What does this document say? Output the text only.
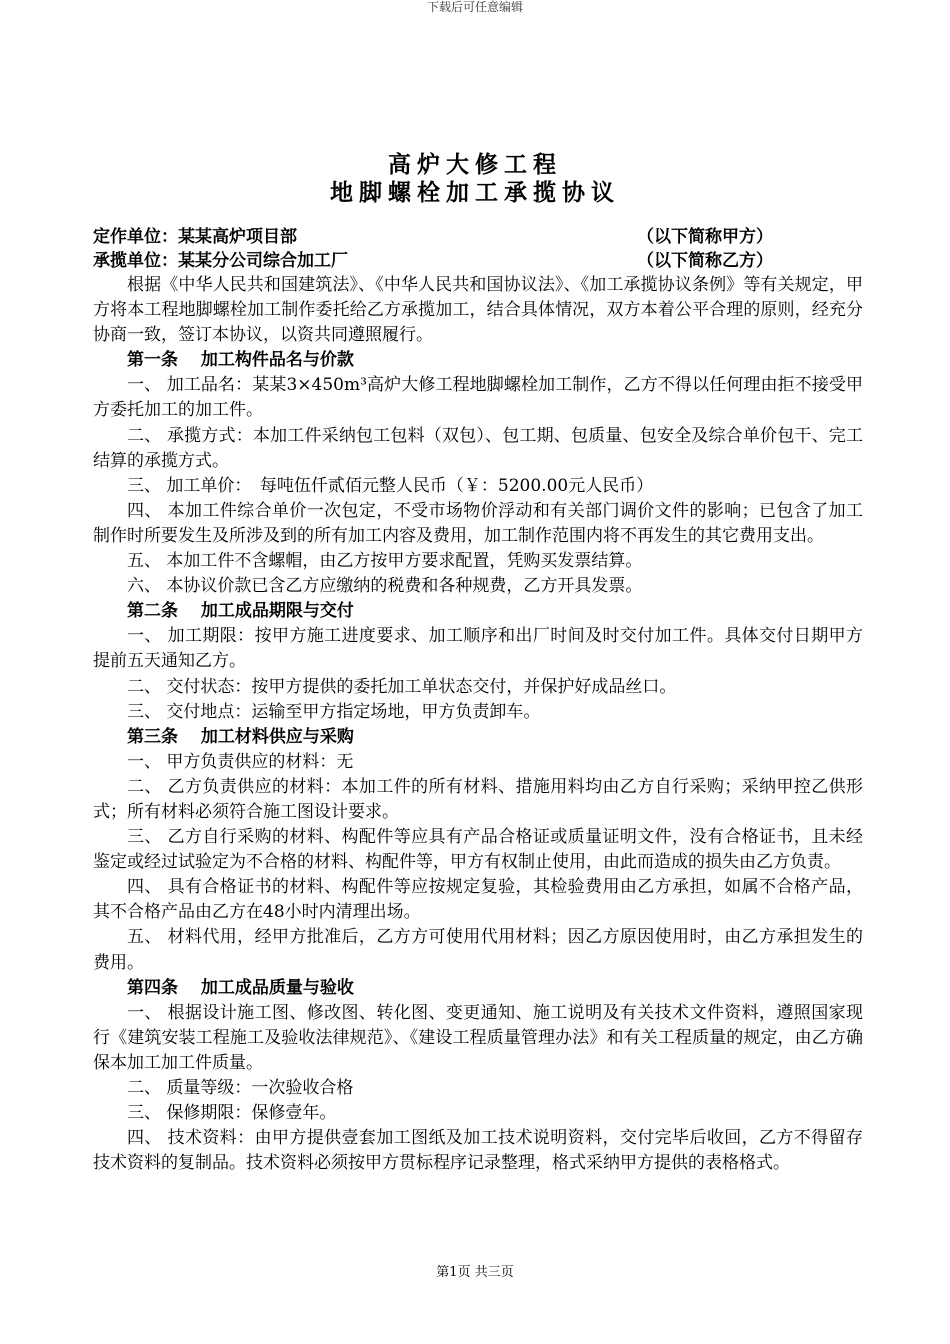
下载后可任意编辑
高炉大修工程
地脚螺栓加工承揽协议
定作单位：某某高炉项目部	（以下简称甲方）
承揽单位：某某分公司综合加工厂	（以下简称乙方）

根据《中华人民共和国建筑法》、《中华人民共和国协议法》、《加工承揽协议条例》等有关规定，甲方将本工程地脚螺栓加工制作委托给乙方承揽加工，结合具体情况，双方本着公平合理的原则，经充分协商一致，签订本协议，以资共同遵照履行。

第一条　 加工构件品名与价款

一、 加工品名：某某3×450m³高炉大修工程地脚螺栓加工制作，乙方不得以任何理由拒不接受甲方委托加工的加工件。

二、 承揽方式：本加工件采纳包工包料（双包）、包工期、包质量、包安全及综合单价包干、完工结算的承揽方式。

三、 加工单价：　每吨伍仟贰佰元整人民币（￥：5200.00元人民币）

四、 本加工件综合单价一次包定，不受市场物价浮动和有关部门调价文件的影响；已包含了加工制作时所要发生及所涉及到的所有加工内容及费用，加工制作范围内将不再发生的其它费用支出。

五、 本加工件不含螺帽，由乙方按甲方要求配置，凭购买发票结算。

六、 本协议价款已含乙方应缴纳的税费和各种规费，乙方开具发票。

第二条　 加工成品期限与交付

一、 加工期限：按甲方施工进度要求、加工顺序和出厂时间及时交付加工件。具体交付日期甲方提前五天通知乙方。

二、 交付状态：按甲方提供的委托加工单状态交付，并保护好成品丝口。

三、 交付地点：运输至甲方指定场地，甲方负责卸车。

第三条　 加工材料供应与采购

一、 甲方负责供应的材料：无

二、 乙方负责供应的材料：本加工件的所有材料、措施用料均由乙方自行采购；采纳甲控乙供形式；所有材料必须符合施工图设计要求。

三、 乙方自行采购的材料、构配件等应具有产品合格证或质量证明文件，没有合格证书，且未经鉴定或经过试验定为不合格的材料、构配件等，甲方有权制止使用，由此而造成的损失由乙方负责。

四、 具有合格证书的材料、构配件等应按规定复验，其检验费用由乙方承担，如属不合格产品，其不合格产品由乙方在48小时内清理出场。

五、 材料代用，经甲方批准后，乙方方可使用代用材料；因乙方原因使用时，由乙方承担发生的费用。

第四条　 加工成品质量与验收

一、 根据设计施工图、修改图、转化图、变更通知、施工说明及有关技术文件资料，遵照国家现行《建筑安装工程施工及验收法律规范》、《建设工程质量管理办法》和有关工程质量的规定，由乙方确保本加工加工件质量。

二、 质量等级：一次验收合格

三、 保修期限：保修壹年。

四、 技术资料：由甲方提供壹套加工图纸及加工技术说明资料，交付完毕后收回，乙方不得留存技术资料的复制品。技术资料必须按甲方贯标程序记录整理，格式采纳甲方提供的表格格式。

第1页 共三页
